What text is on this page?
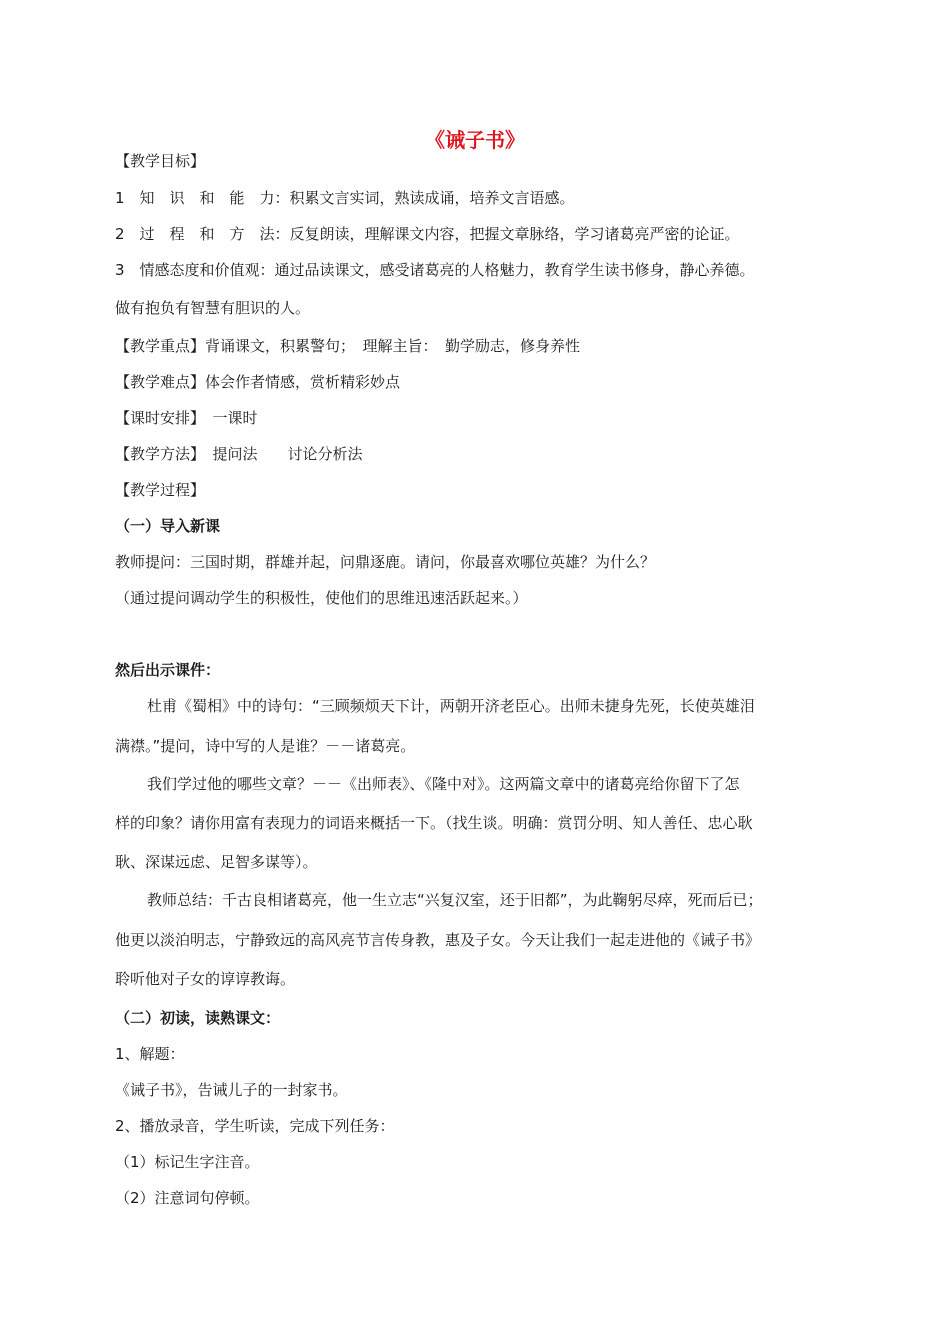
《诫子书》
【教学目标】
1　知　识　和　能　力：积累文言实词，熟读成诵，培养文言语感。
2　过　程　和　方　法：反复朗读，理解课文内容，把握文章脉络，学习诸葛亮严密的论证。
3　情感态度和价值观：通过品读课文，感受诸葛亮的人格魅力，教育学生读书修身，静心养德。
做有抱负有智慧有胆识的人。
【教学重点】背诵课文，积累警句；　理解主旨：　勤学励志，修身养性
【教学难点】体会作者情感，赏析精彩妙点
【课时安排】　一课时
【教学方法】　提问法　　讨论分析法
【教学过程】
（一）导入新课
教师提问：三国时期，群雄并起，问鼎逐鹿。请问，你最喜欢哪位英雄？为什么？
（通过提问调动学生的积极性，使他们的思维迅速活跃起来。）
然后出示课件：
杜甫《蜀相》中的诗句：“三顾频烦天下计，两朝开济老臣心。出师未捷身先死，长使英雄泪
满襟。”提问，诗中写的人是谁？－－诸葛亮。
我们学过他的哪些文章？－－《出师表》、《隆中对》。这两篇文章中的诸葛亮给你留下了怎
样的印象？请你用富有表现力的词语来概括一下。（找生谈。明确：赏罚分明、知人善任、忠心耿
耿、深谋远虑、足智多谋等）。
教师总结：千古良相诸葛亮，他一生立志“兴复汉室，还于旧都”，为此鞠躬尽瘁，死而后已；
他更以淡泊明志，宁静致远的高风亮节言传身教，惠及子女。今天让我们一起走进他的《诫子书》
聆听他对子女的谆谆教诲。
（二）初读，读熟课文：
1、解题：
《诫子书》，告诫儿子的一封家书。
2、播放录音，学生听读，完成下列任务：
（1）标记生字注音。
（2）注意词句停顿。
